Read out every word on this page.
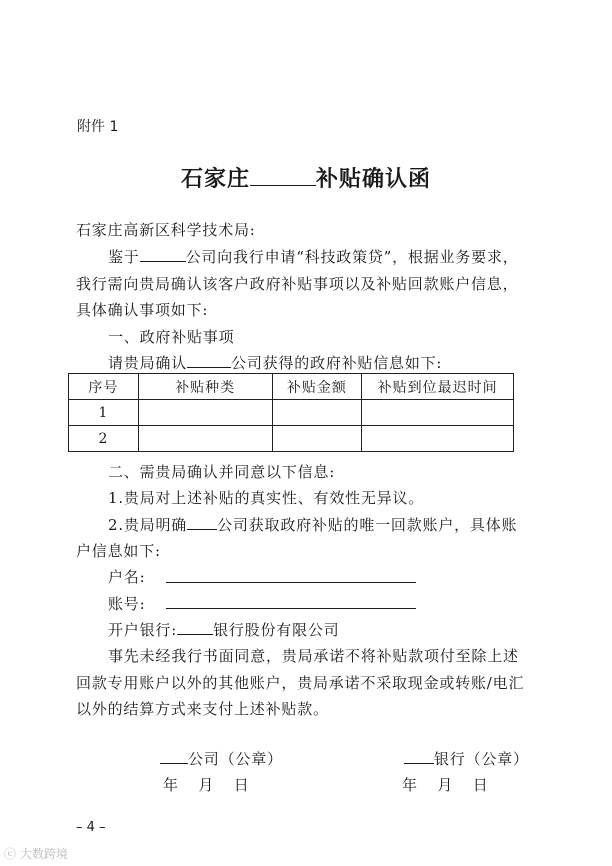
附件 1
石家庄	补贴确认函
石家庄高新区科学技术局:
鉴于	公司向我行申请“科技政策贷”，根据业务要求，
我行需向贵局确认该客户政府补贴事项以及补贴回款账户信息，
具体确认事项如下:
一、政府补贴事项
请贵局确认	公司获得的政府补贴信息如下:
序号	补贴种类	补贴金额	补贴到位最迟时间
1			
2			
二、需贵局确认并同意以下信息:
1.贵局对上述补贴的真实性、有效性无异议。
2.贵局明确 公司获取政府补贴的唯一回款账户，具体账
户信息如下:
户名:
账号:
开户银行: 银行股份有限公司
事先未经我行书面同意，贵局承诺不将补贴款项付至除上述
回款专用账户以外的其他账户，贵局承诺不采取现金或转账/电汇
以外的结算方式来支付上述补贴款。
公司（公章）	银行（公章）
年 月 日	年 月 日
– 4 –
ⓒ 大数跨境
